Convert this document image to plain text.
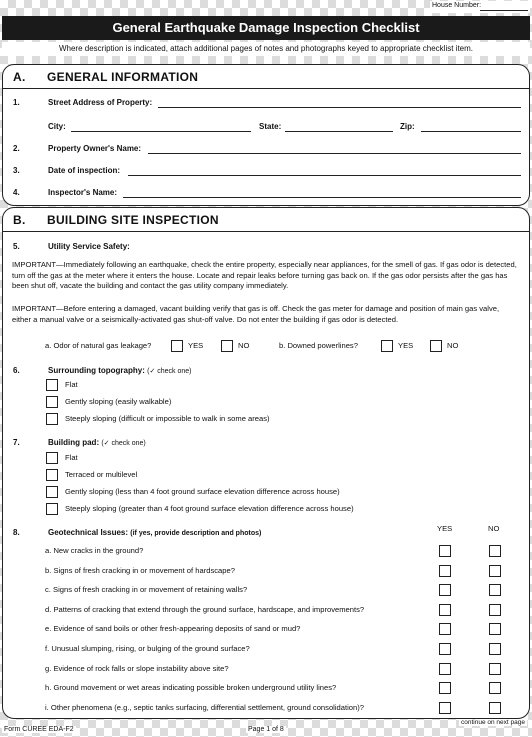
House Number:
General Earthquake Damage Inspection Checklist
Where description is indicated, attach additional pages of notes and photographs keyed to appropriate checklist item.
A. GENERAL INFORMATION
1.	Street Address of Property:
City:	State:	Zip:
2.	Property Owner's Name:
3.	Date of inspection:
4.	Inspector's Name:
B. BUILDING SITE INSPECTION
5.	Utility Service Safety:
IMPORTANT—Immediately following an earthquake, check the entire property, especially near appliances, for the smell of gas. If gas odor is detected, turn off the gas at the meter where it enters the house. Locate and repair leaks before turning gas back on. If the gas odor persists after the gas has been shut off, vacate the building and contact the gas utility company immediately.
IMPORTANT—Before entering a damaged, vacant building verify that gas is off. Check the gas meter for damage and position of main gas valve, either a manual valve or a seismically-activated gas shut-off valve. Do not enter the building if gas odor is detected.
a. Odor of natural gas leakage?	YES	NO	b. Downed powerlines?	YES	NO
6.	Surrounding topography: (✓ check one)
Flat
Gently sloping (easily walkable)
Steeply sloping (difficult or impossible to walk in some areas)
7.	Building pad: (✓ check one)
Flat
Terraced or multilevel
Gently sloping (less than 4 foot ground surface elevation difference across house)
Steeply sloping (greater than 4 foot ground surface elevation difference across house)
8.	Geotechnical Issues: (if yes, provide description and photos)
YES	NO
a. New cracks in the ground?
b. Signs of fresh cracking in or movement of hardscape?
c. Signs of fresh cracking in or movement of retaining walls?
d. Patterns of cracking that extend through the ground surface, hardscape, and improvements?
e. Evidence of sand boils or other fresh-appearing deposits of sand or mud?
f. Unusual slumping, rising, or bulging of the ground surface?
g. Evidence of rock falls or slope instability above site?
h. Ground movement or wet areas indicating possible broken underground utility lines?
i. Other phenomena (e.g., septic tanks surfacing, differential settlement, ground consolidation)?
Form CUREE EDA-F2	Page 1 of 8
continue on next page
